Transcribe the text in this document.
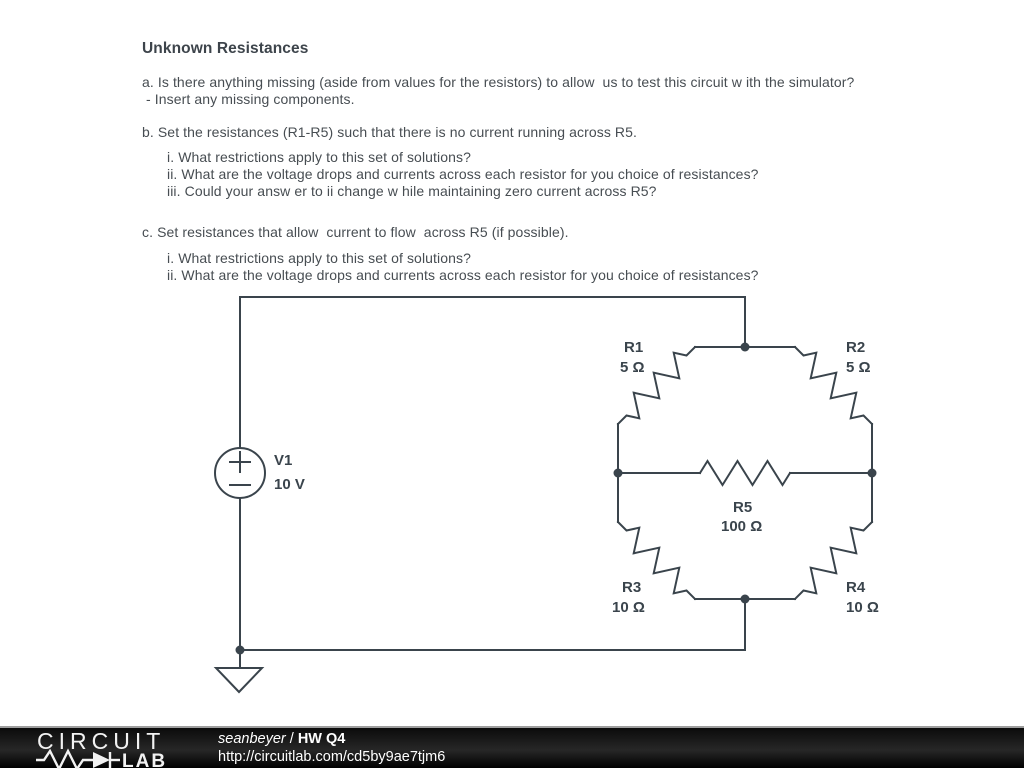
Unknown Resistances
a. Is there anything missing (aside from values for the resistors) to allow  us to test this circuit w ith the simulator?
- Insert any missing components.
b. Set the resistances (R1-R5) such that there is no current running across R5.
i. What restrictions apply to this set of solutions?
ii. What are the voltage drops and currents across each resistor for you choice of resistances?
iii. Could your answ er to ii change w hile maintaining zero current across R5?
c. Set resistances that allow  current to flow  across R5 (if possible).
i. What restrictions apply to this set of solutions?
ii. What are the voltage drops and currents across each resistor for you choice of resistances?
V1
10 V
R1
5 Ω
R2
5 Ω
R3
10 Ω
R4
10 Ω
R5
100 Ω
CIRCUIT
LAB
seanbeyer / HW Q4
http://circuitlab.com/cd5by9ae7tjm6
